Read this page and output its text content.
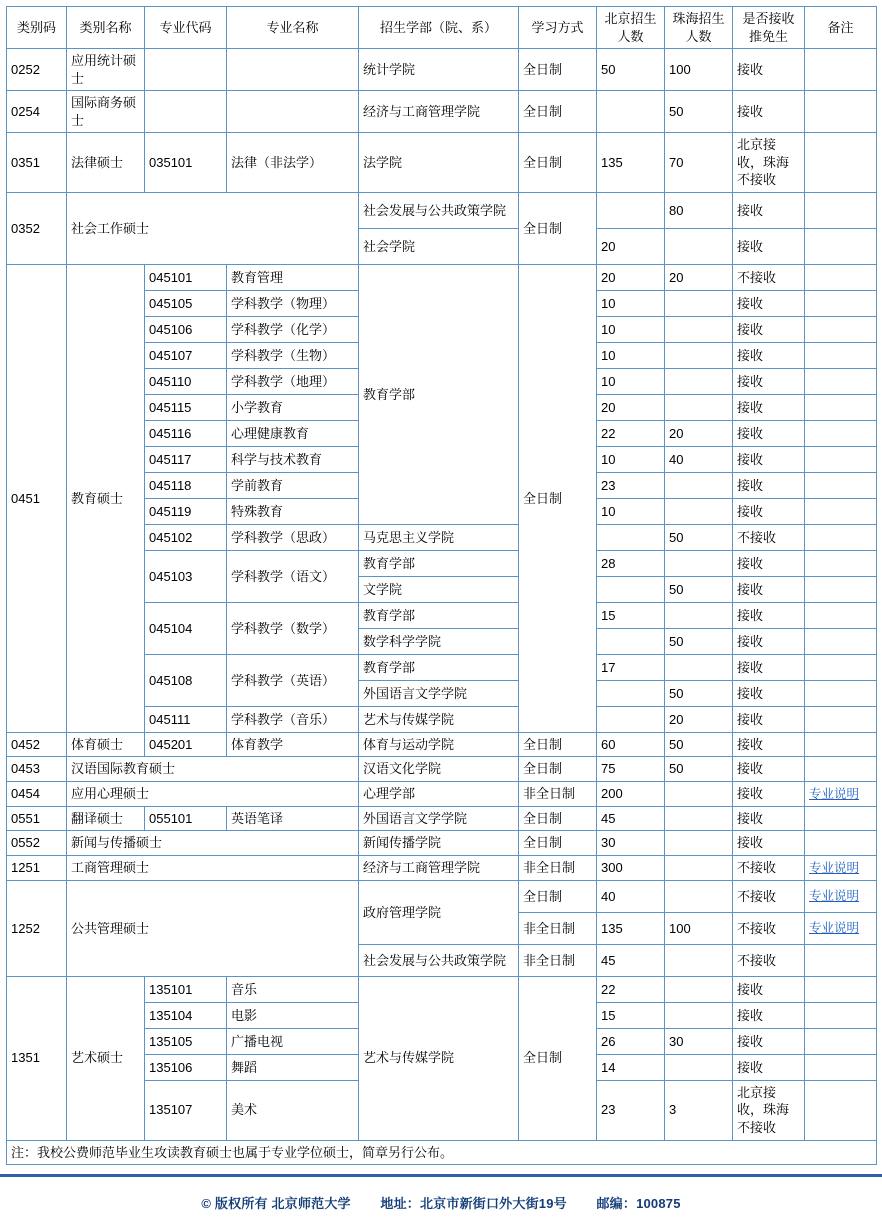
类别码	类别名称	专业代码	专业名称	招生学部（院、系）	学习方式	北京招生人数	珠海招生人数	是否接收推免生	备注
0252	应用统计硕士			统计学院	全日制	50	100	接收	
0254	国际商务硕士			经济与工商管理学院	全日制		50	接收	
0351	法律硕士	035101	法律（非法学）	法学院	全日制	135	70	北京接收，珠海不接收	
0352	社会工作硕士			社会发展与公共政策学院	全日制		80	接收	
				社会学院		20		接收	
0451	教育硕士	045101	教育管理	教育学部	全日制	20	20	不接收	
		045105	学科教学（物理）			10		接收	
		045106	学科教学（化学）			10		接收	
		045107	学科教学（生物）			10		接收	
		045110	学科教学（地理）			10		接收	
		045115	小学教育			20		接收	
		045116	心理健康教育			22	20	接收	
		045117	科学与技术教育			10	40	接收	
		045118	学前教育			23		接收	
		045119	特殊教育			10		接收	
		045102	学科教学（思政）	马克思主义学院			50	不接收	
		045103	学科教学（语文）	教育学部		28		接收	
				文学院			50	接收	
		045104	学科教学（数学）	教育学部		15		接收	
				数学科学学院			50	接收	
		045108	学科教学（英语）	教育学部		17		接收	
				外国语言文学学院			50	接收	
		045111	学科教学（音乐）	艺术与传媒学院			20	接收	
0452	体育硕士	045201	体育教学	体育与运动学院	全日制	60	50	接收	
0453	汉语国际教育硕士			汉语文化学院	全日制	75	50	接收	
0454	应用心理硕士			心理学部	非全日制	200		接收	专业说明
0551	翻译硕士	055101	英语笔译	外国语言文学学院	全日制	45		接收	
0552	新闻与传播硕士			新闻传播学院	全日制	30		接收	
1251	工商管理硕士			经济与工商管理学院	非全日制	300		不接收	专业说明
1252	公共管理硕士			政府管理学院	全日制	40		不接收	专业说明
					非全日制	135	100	不接收	专业说明
				社会发展与公共政策学院	非全日制	45		不接收	
1351	艺术硕士	135101	音乐	艺术与传媒学院	全日制	22		接收	
		135104	电影			15		接收	
		135105	广播电视			26	30	接收	
		135106	舞蹈			14		接收	
		135107	美术			23	3	北京接收，珠海不接收	
注：我校公费师范毕业生攻读教育硕士也属于专业学位硕士，简章另行公布。									
© 版权所有 北京师范大学 地址：北京市新街口外大街19号 邮编：100875
